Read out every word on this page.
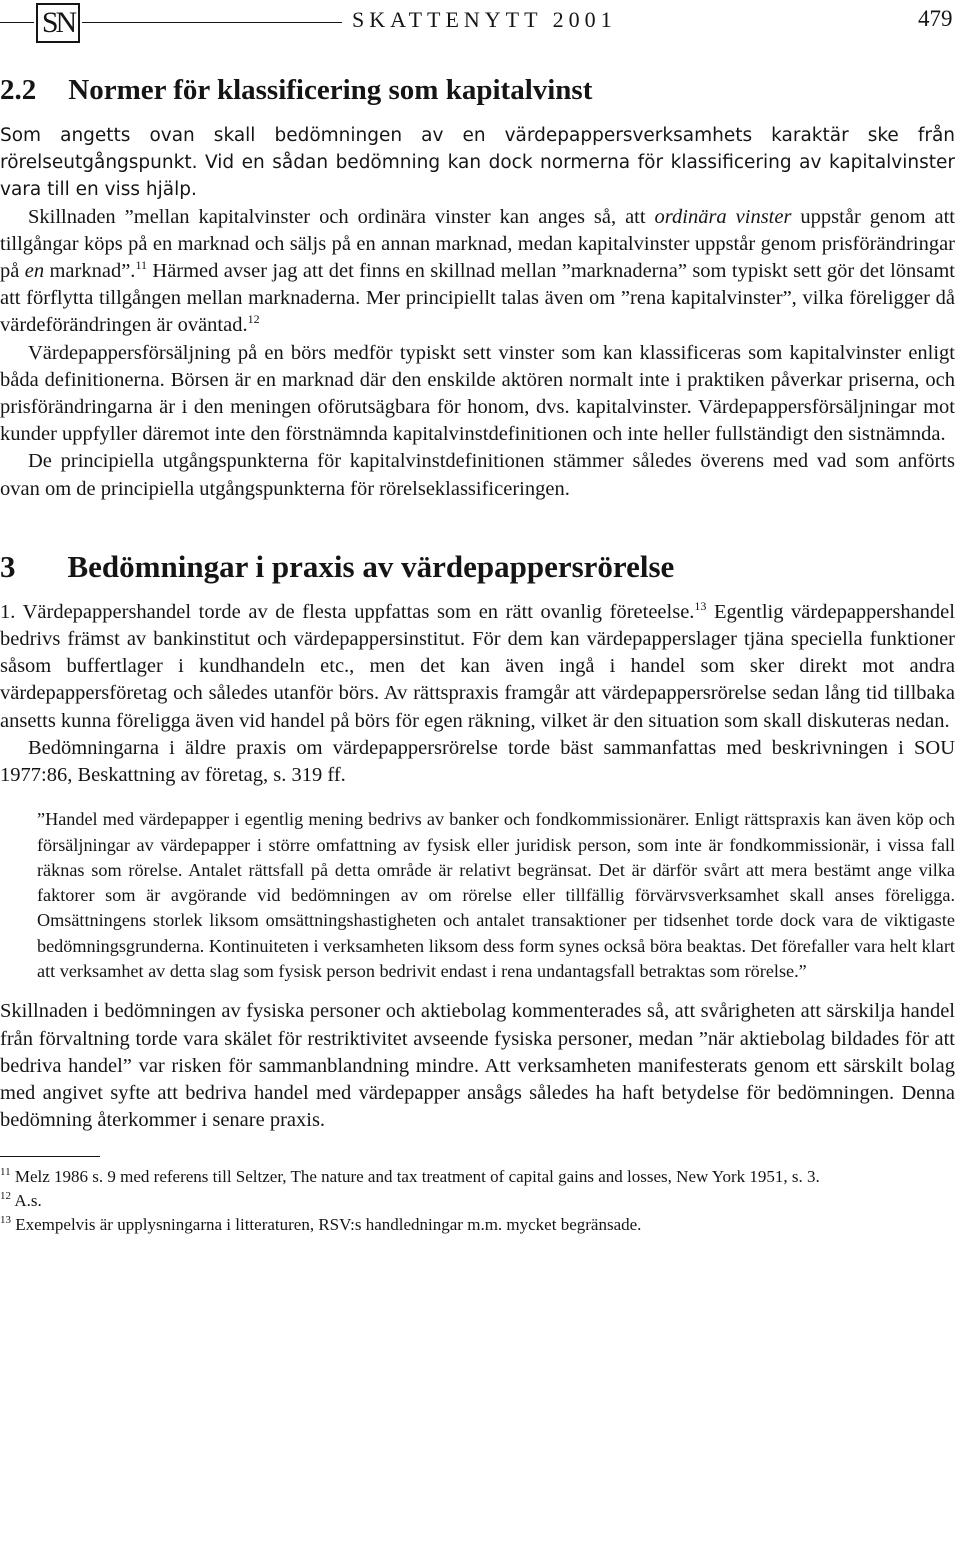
SN	SKATTENYTT 2001	479
2.2 Normer för klassificering som kapitalvinst

Som angetts ovan skall bedömningen av en värdepappersverksamhets karaktär ske från rörelseutgångspunkt. Vid en sådan bedömning kan dock normerna för klassificering av kapitalvinster vara till en viss hjälp.

Skillnaden ”mellan kapitalvinster och ordinära vinster kan anges så, att ordinära vinster uppstår genom att tillgångar köps på en marknad och säljs på en annan marknad, medan kapitalvinster uppstår genom prisförändringar på en marknad”.$^{11}$ Härmed avser jag att det finns en skillnad mellan ”marknaderna” som typiskt sett gör det lönsamt att förflytta tillgången mellan marknaderna. Mer principiellt talas även om ”rena kapitalvinster”, vilka föreligger då värdeförändringen är oväntad.$^{12}$

Värdepappersförsäljning på en börs medför typiskt sett vinster som kan klassificeras som kapitalvinster enligt båda definitionerna. Börsen är en marknad där den enskilde aktören normalt inte i praktiken påverkar priserna, och prisförändringarna är i den meningen oförutsägbara för honom, dvs. kapitalvinster. Värdepappersförsäljningar mot kunder uppfyller däremot inte den förstnämnda kapitalvinstdefinitionen och inte heller fullständigt den sistnämnda.

De principiella utgångspunkterna för kapitalvinstdefinitionen stämmer således överens med vad som anförts ovan om de principiella utgångspunkterna för rörelseklassificeringen.

3 Bedömningar i praxis av värdepappersrörelse

1. Värdepappershandel torde av de flesta uppfattas som en rätt ovanlig företeelse.$^{13}$ Egentlig värdepappershandel bedrivs främst av bankinstitut och värdepappersinstitut. För dem kan värdepapperslager tjäna speciella funktioner såsom buffertlager i kundhandeln etc., men det kan även ingå i handel som sker direkt mot andra värdepappersföretag och således utanför börs. Av rättspraxis framgår att värdepappersrörelse sedan lång tid tillbaka ansetts kunna föreligga även vid handel på börs för egen räkning, vilket är den situation som skall diskuteras nedan.

Bedömningarna i äldre praxis om värdepappersrörelse torde bäst sammanfattas med beskrivningen i SOU 1977:86, Beskattning av företag, s. 319 ff.

”Handel med värdepapper i egentlig mening bedrivs av banker och fondkommissionärer. Enligt rättspraxis kan även köp och försäljningar av värdepapper i större omfattning av fysisk eller juridisk person, som inte är fondkommissionär, i vissa fall räknas som rörelse. Antalet rättsfall på detta område är relativt begränsat. Det är därför svårt att mera bestämt ange vilka faktorer som är avgörande vid bedömningen av om rörelse eller tillfällig förvärvsverksamhet skall anses föreligga. Omsättningens storlek liksom omsättningshastigheten och antalet transaktioner per tidsenhet torde dock vara de viktigaste bedömningsgrunderna. Kontinuiteten i verksamheten liksom dess form synes också böra beaktas. Det förefaller vara helt klart att verksamhet av detta slag som fysisk person bedrivit endast i rena undantagsfall betraktas som rörelse.”

Skillnaden i bedömningen av fysiska personer och aktiebolag kommenterades så, att svårigheten att särskilja handel från förvaltning torde vara skälet för restriktivitet avseende fysiska personer, medan ”när aktiebolag bildades för att bedriva handel” var risken för sammanblandning mindre. Att verksamheten manifesterats genom ett särskilt bolag med angivet syfte att bedriva handel med värdepapper ansågs således ha haft betydelse för bedömningen. Denna bedömning återkommer i senare praxis.

$^{11}$ Melz 1986 s. 9 med referens till Seltzer, The nature and tax treatment of capital gains and losses, New York 1951, s. 3.

$^{12}$ A.s.

$^{13}$ Exempelvis är upplysningarna i litteraturen, RSV:s handledningar m.m. mycket begränsade.
